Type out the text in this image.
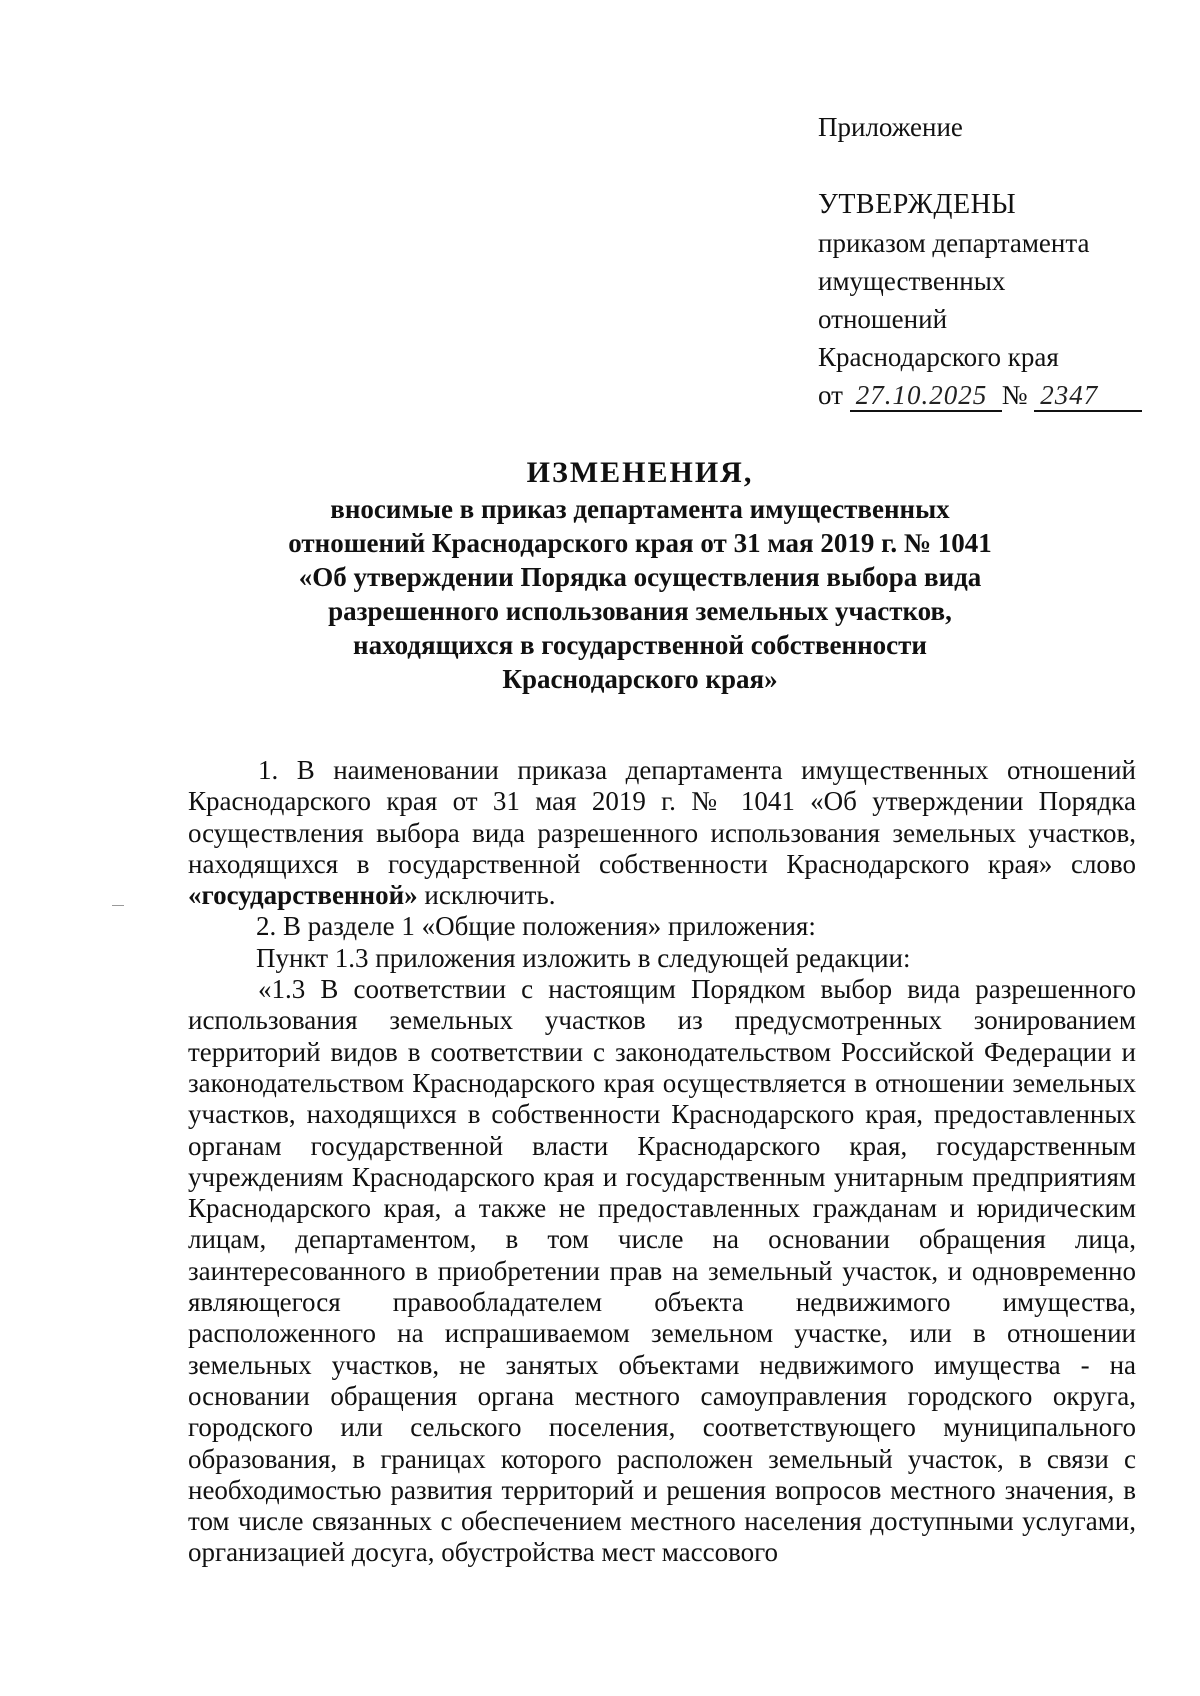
Приложение
УТВЕРЖДЕНЫ
приказом департамента
имущественных
отношений
Краснодарского края
от 27.10.2025 № 2347
ИЗМЕНЕНИЯ,
вносимые в приказ департамента имущественных
отношений Краснодарского края от 31 мая 2019 г. № 1041
«Об утверждении Порядка осуществления выбора вида
разрешенного использования земельных участков,
находящихся в государственной собственности
Краснодарского края»

1. В наименовании приказа департамента имущественных отношений Краснодарского края от 31 мая 2019 г. № 1041 «Об утверждении Порядка осуществления выбора вида разрешенного использования земельных участков, находящихся в государственной собственности Краснодарского края» слово «государственной» исключить.

2. В разделе 1 «Общие положения» приложения:

Пункт 1.3 приложения изложить в следующей редакции:

«1.3 В соответствии с настоящим Порядком выбор вида разрешенного использования земельных участков из предусмотренных зонированием территорий видов в соответствии с законодательством Российской Федерации и законодательством Краснодарского края осуществляется в отношении земельных участков, находящихся в собственности Краснодарского края, предоставленных органам государственной власти Краснодарского края, государственным учреждениям Краснодарского края и государственным унитарным предприятиям Краснодарского края, а также не предоставленных гражданам и юридическим лицам, департаментом, в том числе на основании обращения лица, заинтересованного в приобретении прав на земельный участок, и одновременно являющегося правообладателем объекта недвижимого имущества, расположенного на испрашиваемом земельном участке, или в отношении земельных участков, не занятых объектами недвижимого имущества - на основании обращения органа местного самоуправления городского округа, городского или сельского поселения, соответствующего муниципального образования, в границах которого расположен земельный участок, в связи с необходимостью развития территорий и решения вопросов местного значения, в том числе связанных с обеспечением местного населения доступными услугами, организацией досуга, обустройства мест массового
